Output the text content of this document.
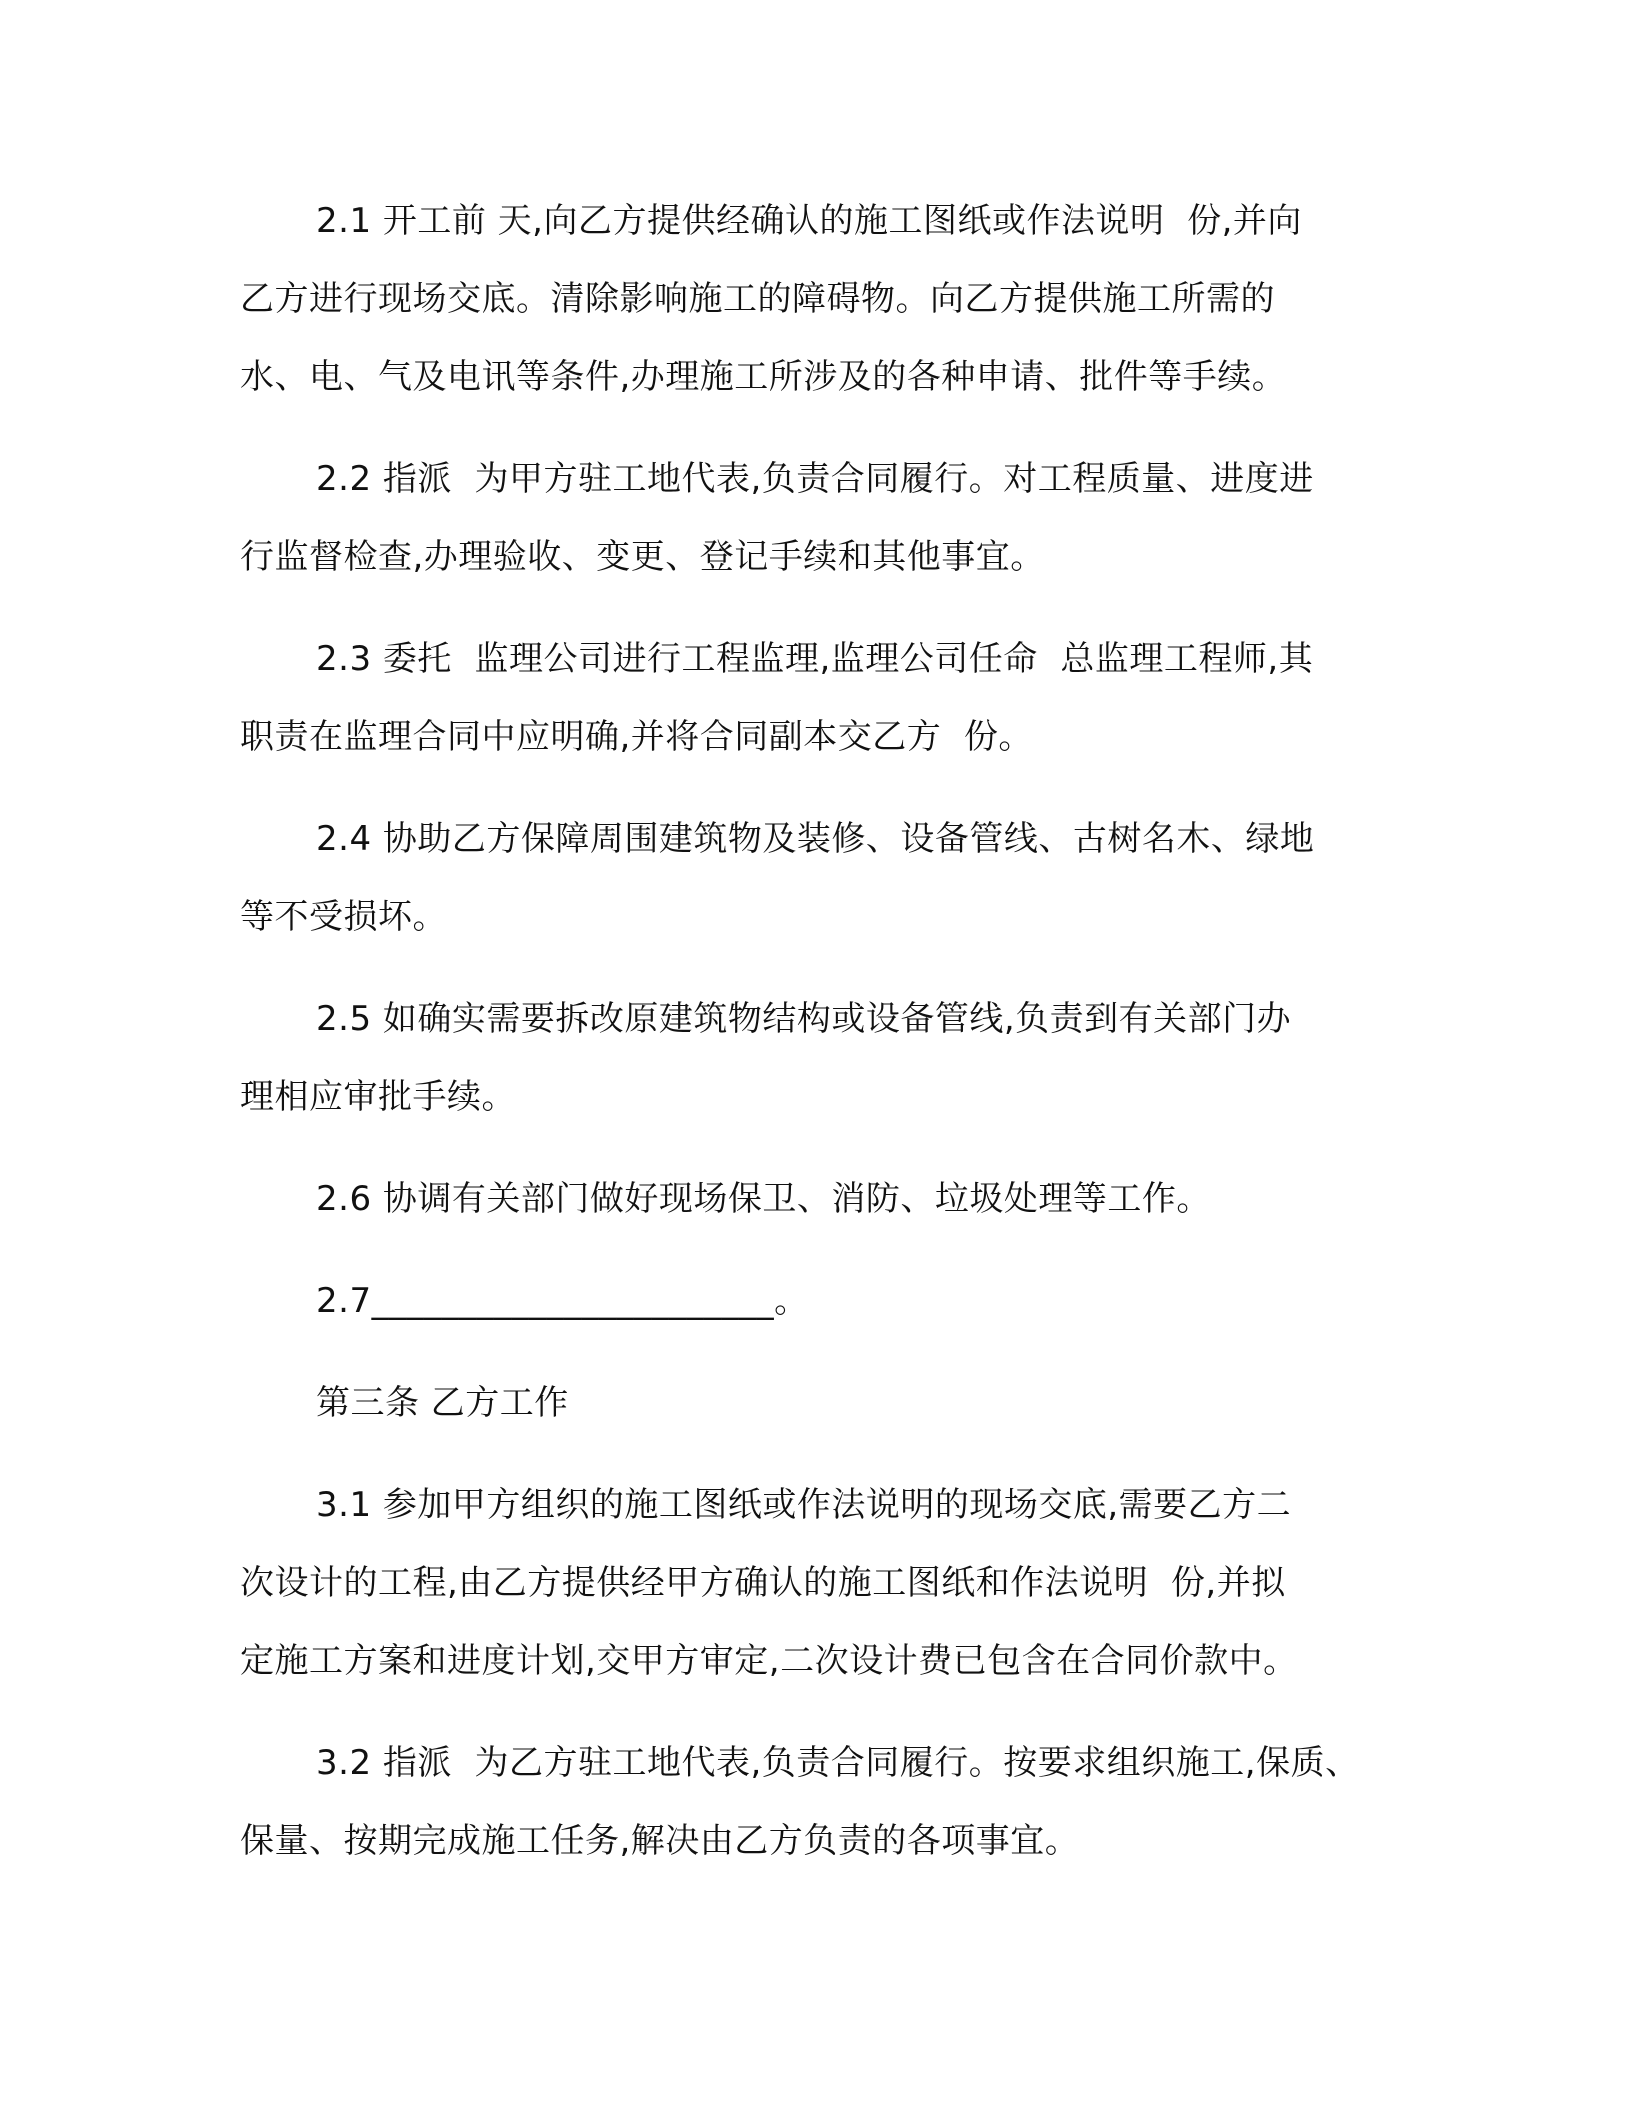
2.1 开工前 天,向乙方提供经确认的施工图纸或作法说明  份,并向
乙方进行现场交底。清除影响施工的障碍物。向乙方提供施工所需的
水、电、气及电讯等条件,办理施工所涉及的各种申请、批件等手续。
2.2 指派  为甲方驻工地代表,负责合同履行。对工程质量、进度进
行监督检查,办理验收、变更、登记手续和其他事宜。
2.3 委托  监理公司进行工程监理,监理公司任命  总监理工程师,其
职责在监理合同中应明确,并将合同副本交乙方  份。
2.4 协助乙方保障周围建筑物及装修、设备管线、古树名木、绿地
等不受损坏。
2.5 如确实需要拆改原建筑物结构或设备管线,负责到有关部门办
理相应审批手续。
2.6 协调有关部门做好现场保卫、消防、垃圾处理等工作。
2.7_______________________。
第三条 乙方工作
3.1 参加甲方组织的施工图纸或作法说明的现场交底,需要乙方二
次设计的工程,由乙方提供经甲方确认的施工图纸和作法说明  份,并拟
定施工方案和进度计划,交甲方审定,二次设计费已包含在合同价款中。
3.2 指派  为乙方驻工地代表,负责合同履行。按要求组织施工,保质、
保量、按期完成施工任务,解决由乙方负责的各项事宜。
